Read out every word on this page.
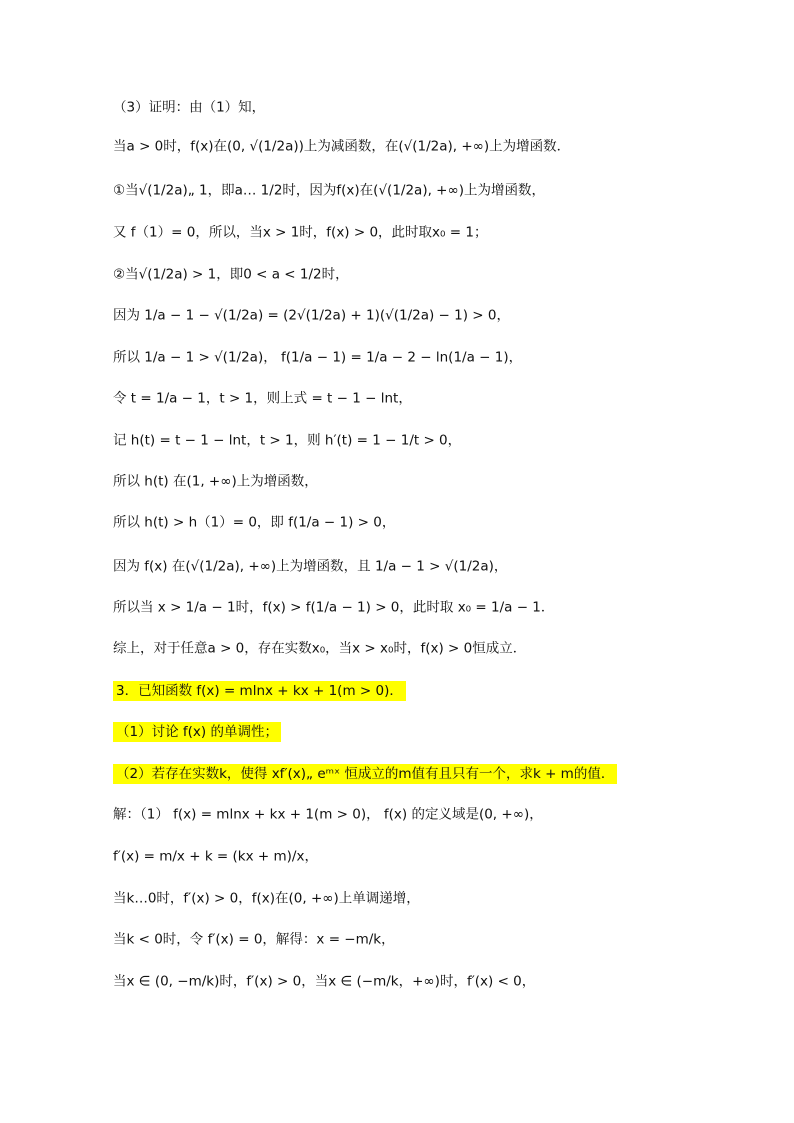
（3）证明：由（1）知，
当a > 0时，f(x)在(0, √(1/2a))上为减函数，在(√(1/2a), +∞)上为增函数．
①当√(1/2a)„ 1，即a… 1/2时，因为f(x)在(√(1/2a), +∞)上为增函数，
又 f（1）= 0，所以，当x > 1时，f(x) > 0，此时取x₀ = 1；
②当√(1/2a) > 1，即0 < a < 1/2时，
因为 1/a − 1 − √(1/2a) = (2√(1/2a) + 1)(√(1/2a) − 1) > 0，
所以 1/a − 1 > √(1/2a)， f(1/a − 1) = 1/a − 2 − ln(1/a − 1)，
令 t = 1/a − 1，t > 1，则上式 = t − 1 − lnt，
记 h(t) = t − 1 − lnt，t > 1，则 h′(t) = 1 − 1/t > 0，
所以 h(t) 在(1, +∞)上为增函数，
所以 h(t) > h（1）= 0，即 f(1/a − 1) > 0，
因为 f(x) 在(√(1/2a), +∞)上为增函数，且 1/a − 1 > √(1/2a)，
所以当 x > 1/a − 1时，f(x) > f(1/a − 1) > 0，此时取 x₀ = 1/a − 1．
综上，对于任意a > 0，存在实数x₀，当x > x₀时，f(x) > 0恒成立．
3．已知函数 f(x) = mlnx + kx + 1(m > 0)．
（1）讨论 f(x) 的单调性；
（2）若存在实数k，使得 xf′(x)„ eᵐˣ 恒成立的m值有且只有一个，求k + m的值．
解：（1） f(x) = mlnx + kx + 1(m > 0)， f(x) 的定义域是(0, +∞)，
f′(x) = m/x + k = (kx + m)/x，
当k…0时，f′(x) > 0，f(x)在(0, +∞)上单调递增，
当k < 0时，令 f′(x) = 0，解得：x = −m/k，
当x ∈ (0, −m/k)时，f′(x) > 0，当x ∈ (−m/k，+∞)时，f′(x) < 0，
